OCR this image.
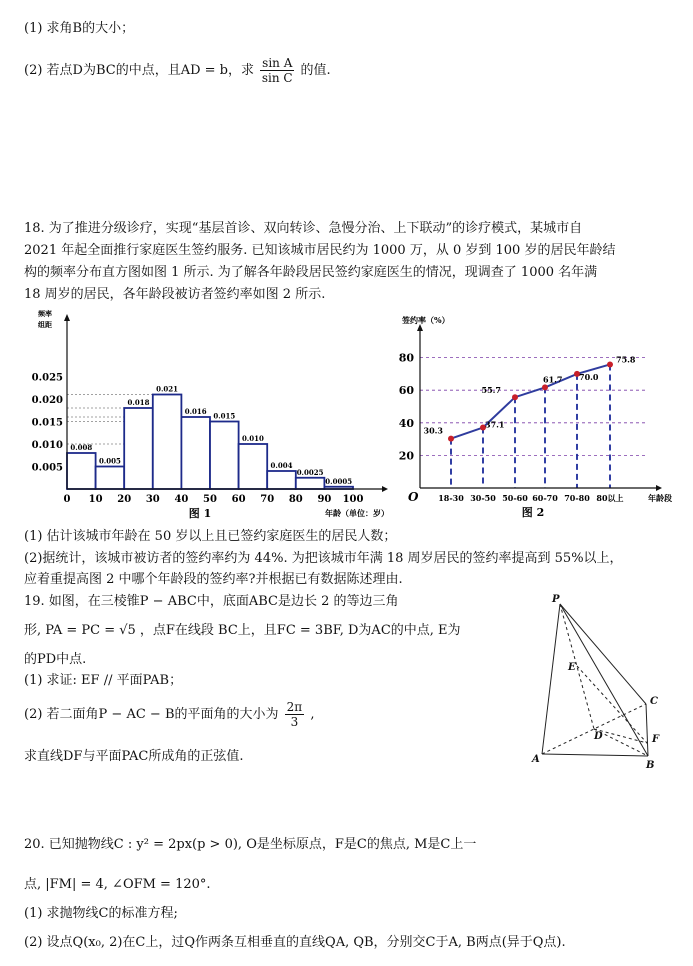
(1) 求角B的大小；
(2) 若点D为BC的中点，且AD = b，求 $\frac{\text{sin A}}{\text{sin C}}$ 的值.
18. 为了推进分级诊疗，实现“基层首诊、双向转诊、急慢分治、上下联动”的诊疗模式，某城市自
2021 年起全面推行家庭医生签约服务. 已知该城市居民约为 1000 万，从 0 岁到 100 岁的居民年龄结
构的频率分布直方图如图 1 所示. 为了解各年龄段居民签约家庭医生的情况，现调查了 1000 名年满
18 周岁的居民，各年龄段被访者签约率如图 2 所示.
0.008
0.005
0.018
0.021
0.016 0.015
0.010
0.004
0.0025
0.0005
0 10 20 30 40 50 60 70 80 90 100
0.005
0.010
0.015
0.020
0.025
频率
组距
年龄（单位：岁）
图 1
30.3
37.1
55.7
61.7 70.0
75.8
20
40
60
80
18-30 30-50 50-60 60-70 70-80 80以上
签约率（%）
O	年龄段
图 2
(1) 估计该城市年龄在 50 岁以上且已签约家庭医生的居民人数；
(2)据统计，该城市被访者的签约率约为 44%. 为把该城市年满 18 周岁居民的签约率提高到 55%以上，
应着重提高图 2 中哪个年龄段的签约率?并根据已有数据陈述理由.
19. 如图，在三棱锥P − ABC中，底面ABC是边长 2 的等边三角
形, PA = PC = √5 ，点F在线段 BC上，且FC = 3BF, D为AC的中点, E为
的PD中点.
(1) 求证: EF // 平面PAB；
(2) 若二面角P − AC − B的平面角的大小为 $\frac{2\pi}{3}$ ,
求直线DF与平面PAC所成角的正弦值.
P
E
C
D	F
A
B
20. 已知抛物线C : y² = 2px(p > 0), O是坐标原点，F是C的焦点, M是C上一
点, |FM| = 4, ∠OFM = 120°.
(1) 求抛物线C的标准方程;
(2) 设点Q(x₀, 2)在C上，过Q作两条互相垂直的直线QA, QB，分别交C于A, B两点(异于Q点).
